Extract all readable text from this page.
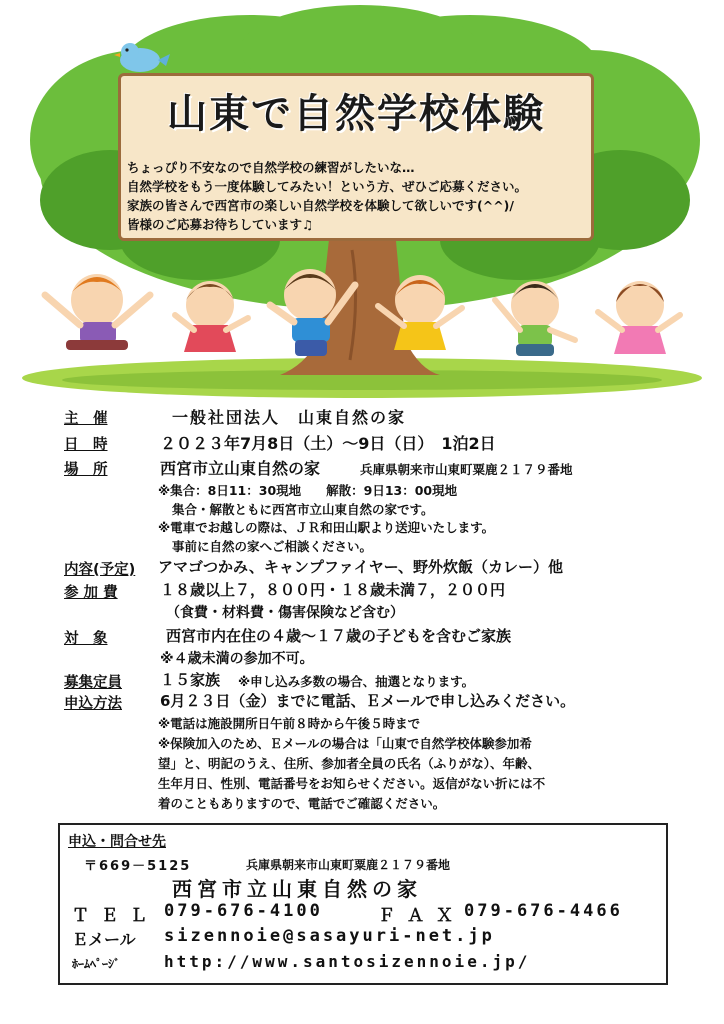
山東で自然学校体験
ちょっぴり不安なので自然学校の練習がしたいな…
自然学校をもう一度体験してみたい！という方、ぜひご応募ください。
家族の皆さんで西宮市の楽しい自然学校を体験して欲しいです(^^)/
皆様のご応募お待ちしています♫
主　催	一般社団法人　山東自然の家
日　時	２０２３年7月8日（土）～9日（日）　1泊2日
場　所	西宮市立山東自然の家	兵庫県朝来市山東町粟鹿２１７９番地
※集合：8日11：30現地　　解散：9日13：00現地
集合・解散ともに西宮市立山東自然の家です。
※電車でお越しの際は、ＪＲ和田山駅より送迎いたします。
事前に自然の家へご相談ください。
内容(予定) アマゴつかみ、キャンプファイヤー、野外炊飯（カレー）他
参 加 費	１８歳以上７，８００円・１８歳未満７，２００円
（食費・材料費・傷害保険など含む）
対　象	西宮市内在住の４歳～１７歳の子どもを含むご家族
※４歳未満の参加不可。
募集定員	１５家族 ※申し込み多数の場合、抽選となります。
申込方法	6月２３日（金）までに電話、Ｅメールで申し込みください。
※電話は施設開所日午前８時から午後５時まで
※保険加入のため、Ｅメールの場合は「山東で自然学校体験参加希
望」と、明記のうえ、住所、参加者全員の氏名（ふりがな）、年齢、
生年月日、性別、電話番号をお知らせください。返信がない折には不
着のこともありますので、電話でご確認ください。
申込・問合せ先
〒669－5125	兵庫県朝来市山東町粟鹿２１７９番地
西宮市立山東自然の家
ＴＥＬ 079-676-4100	ＦＡＸ 079-676-4466
Ｅメール sizennoie@sasayuri-net.jp
ﾎｰﾑﾍﾟｰｼﾞ	http://www.santosizennoie.jp/
